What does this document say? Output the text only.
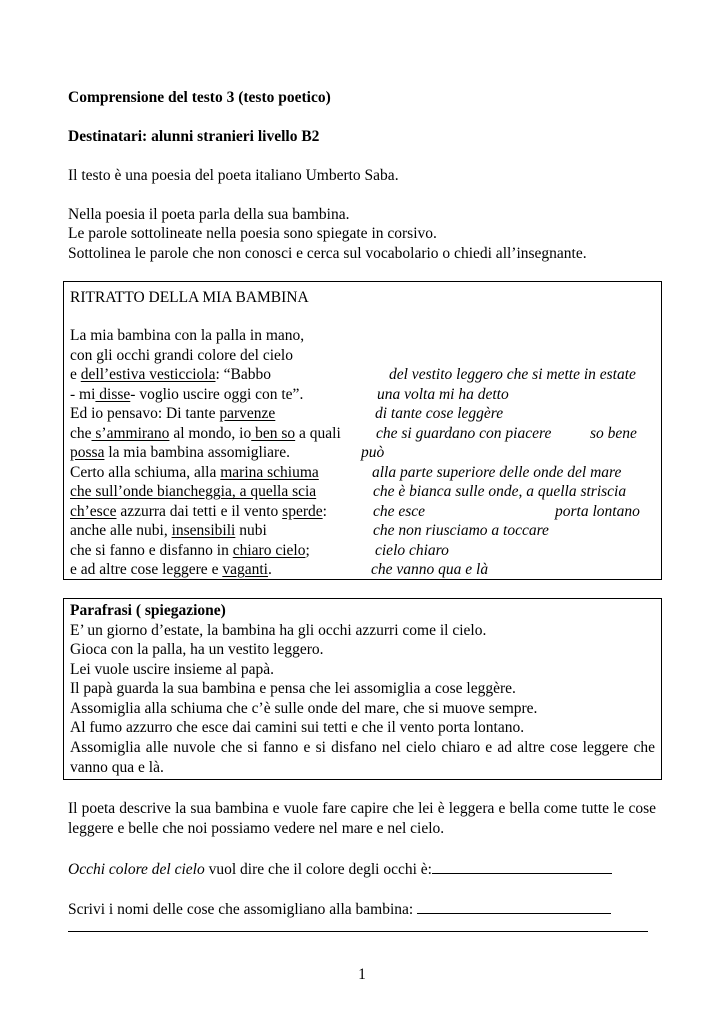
Comprensione del testo 3 (testo poetico)
Destinatari: alunni stranieri livello B2
Il testo è una poesia del poeta italiano Umberto Saba.
Nella poesia il poeta parla della sua bambina.
Le parole sottolineate nella poesia sono spiegate in corsivo.
Sottolinea le parole che non conosci e cerca sul vocabolario o chiedi all’insegnante.
RITRATTO DELLA MIA BAMBINA
La mia bambina con la palla in mano,
con gli occhi grandi colore del cielo
e dell’estiva vesticciola: “Babbo
- mi disse- voglio uscire oggi con te”.
Ed io pensavo: Di tante parvenze
che s’ammirano al mondo, io ben so a quali
possa la mia bambina assomigliare.
Certo alla schiuma, alla marina schiuma
che sull’onde biancheggia, a quella scia
ch’esce azzurra dai tetti e il vento sperde:
anche alle nubi, insensibili nubi
che si fanno e disfanno in chiaro cielo;
e ad altre cose leggere e vaganti.
del vestito leggero che si mette in estate
una volta mi ha detto
di tante cose leggère
che si guardano con piacere so bene
può
alla parte superiore delle onde del mare
che è bianca sulle onde, a quella striscia
che esce	porta lontano
che non riusciamo a toccare
cielo chiaro
che vanno qua e là
Parafrasi ( spiegazione)
E’ un giorno d’estate, la bambina ha gli occhi azzurri come il cielo.
Gioca con la palla, ha un vestito leggero.
Lei vuole uscire insieme al papà.
Il papà guarda la sua bambina e pensa che lei assomiglia a cose leggère.
Assomiglia alla schiuma che c’è sulle onde del mare, che si muove sempre.
Al fumo azzurro che esce dai camini sui tetti e che il vento porta lontano.
Assomiglia alle nuvole che si fanno e si disfano nel cielo chiaro e ad altre cose leggere che vanno qua e là.
Il poeta descrive la sua bambina e vuole fare capire che lei è leggera e bella come tutte le cose leggere e belle che noi possiamo vedere nel mare e nel cielo.
Occhi colore del cielo vuol dire che il colore degli occhi è:
Scrivi i nomi delle cose che assomigliano alla bambina:
1
